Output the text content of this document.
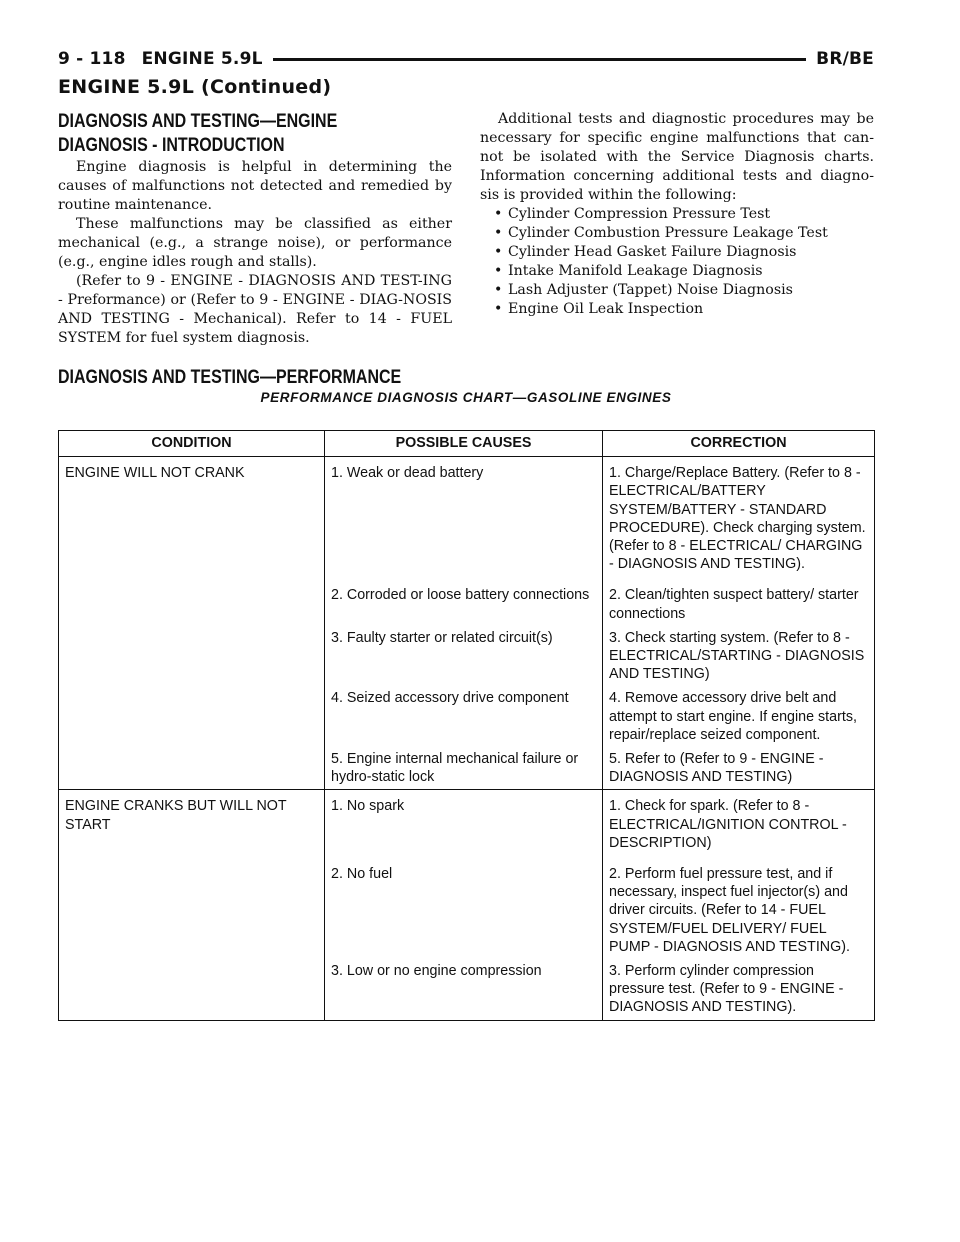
9 - 118 ENGINE 5.9L	BR/BE
ENGINE 5.9L (Continued)
DIAGNOSIS AND TESTING—ENGINE
DIAGNOSIS - INTRODUCTION

Engine diagnosis is helpful in determining the causes of malfunctions not detected and remedied by routine maintenance.

These malfunctions may be classified as either mechanical (e.g., a strange noise), or performance (e.g., engine idles rough and stalls).

(Refer to 9 - ENGINE - DIAGNOSIS AND TEST-ING - Preformance) or (Refer to 9 - ENGINE - DIAG-NOSIS AND TESTING - Mechanical). Refer to 14 - FUEL SYSTEM for fuel system diagnosis.

Additional tests and diagnostic procedures may be necessary for specific engine malfunctions that can-not be isolated with the Service Diagnosis charts. Information concerning additional tests and diagno-sis is provided within the following:

• Cylinder Compression Pressure Test
• Cylinder Combustion Pressure Leakage Test
• Cylinder Head Gasket Failure Diagnosis
• Intake Manifold Leakage Diagnosis
• Lash Adjuster (Tappet) Noise Diagnosis
• Engine Oil Leak Inspection
DIAGNOSIS AND TESTING—PERFORMANCE
PERFORMANCE DIAGNOSIS CHART—GASOLINE ENGINES
CONDITION	POSSIBLE CAUSES	CORRECTION
ENGINE WILL NOT CRANK	1. Weak or dead battery	1. Charge/Replace Battery. (Refer to 8 - ELECTRICAL/BATTERY SYSTEM/BATTERY - STANDARD PROCEDURE). Check charging system. (Refer to 8 - ELECTRICAL/ CHARGING - DIAGNOSIS AND TESTING).
	2. Corroded or loose battery connections	2. Clean/tighten suspect battery/ starter connections
	3. Faulty starter or related circuit(s)	3. Check starting system. (Refer to 8 - ELECTRICAL/STARTING - DIAGNOSIS AND TESTING)
	4. Seized accessory drive component	4. Remove accessory drive belt and attempt to start engine. If engine starts, repair/replace seized component.
	5. Engine internal mechanical failure or hydro-static lock	5. Refer to (Refer to 9 - ENGINE - DIAGNOSIS AND TESTING)
ENGINE CRANKS BUT WILL NOT START	1. No spark	1. Check for spark. (Refer to 8 - ELECTRICAL/IGNITION CONTROL - DESCRIPTION)
	2. No fuel	2. Perform fuel pressure test, and if necessary, inspect fuel injector(s) and driver circuits. (Refer to 14 - FUEL SYSTEM/FUEL DELIVERY/ FUEL PUMP - DIAGNOSIS AND TESTING).
	3. Low or no engine compression	3. Perform cylinder compression pressure test. (Refer to 9 - ENGINE - DIAGNOSIS AND TESTING).
